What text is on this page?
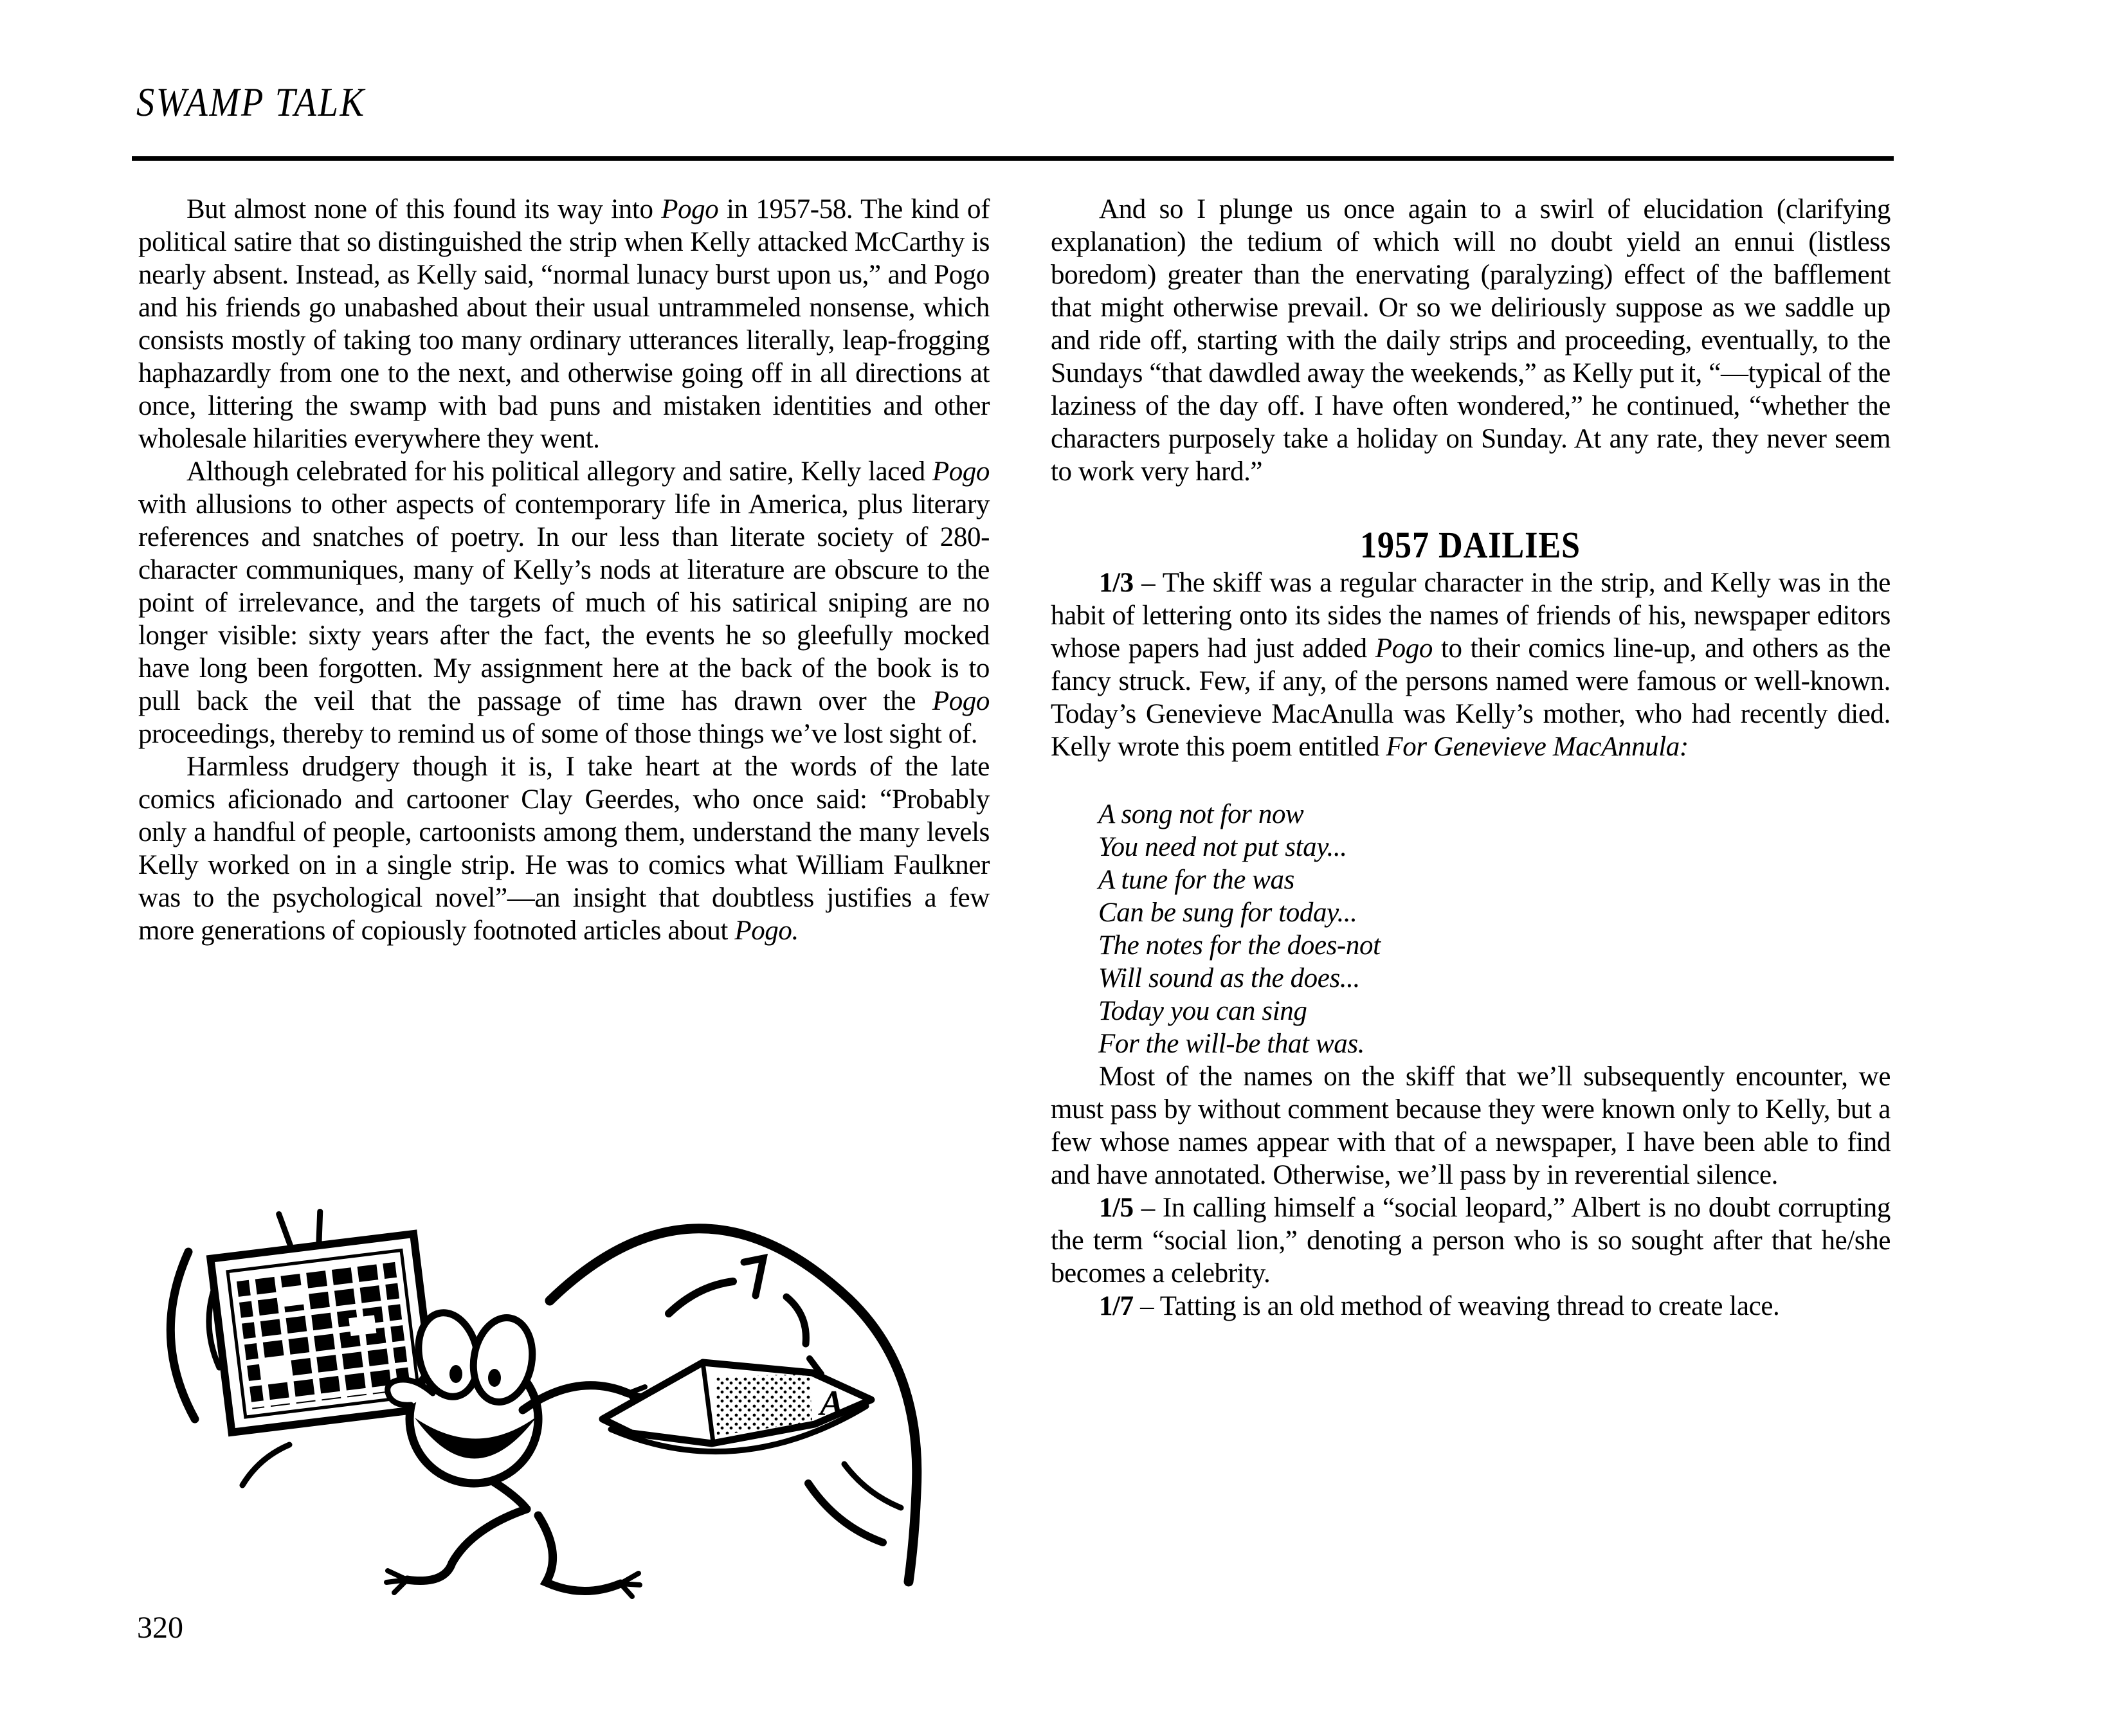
SWAMP TALK

But almost none of this found its way into Pogo in 1957-58. The kind of political satire that so distinguished the strip when Kelly attacked McCarthy is nearly absent. Instead, as Kelly said, “normal lunacy burst upon us,” and Pogo and his friends go unabashed about their usual untrammeled nonsense, which consists mostly of taking too many ordinary utterances literally, leap-frogging haphazardly from one to the next, and otherwise going off in all directions at once, littering the swamp with bad puns and mistaken identities and other wholesale hilarities everywhere they went.

Although celebrated for his political allegory and satire, Kelly laced Pogo with allusions to other aspects of contemporary life in America, plus literary references and snatches of poetry. In our less than literate society of 280-character communiques, many of Kelly’s nods at literature are obscure to the point of irrelevance, and the targets of much of his satirical sniping are no longer visible: sixty years after the fact, the events he so gleefully mocked have long been forgotten. My assignment here at the back of the book is to pull back the veil that the passage of time has drawn over the Pogo proceedings, thereby to remind us of some of those things we’ve lost sight of.

Harmless drudgery though it is, I take heart at the words of the late comics aficionado and cartooner Clay Geerdes, who once said: “Probably only a handful of people, cartoonists among them, understand the many levels Kelly worked on in a single strip. He was to comics what William Faulkner was to the psychological novel”—an insight that doubtless justifies a few more generations of copiously footnoted articles about Pogo.

And so I plunge us once again to a swirl of elucidation (clarifying explanation) the tedium of which will no doubt yield an ennui (listless boredom) greater than the enervating (paralyzing) effect of the bafflement that might otherwise prevail. Or so we deliriously suppose as we saddle up and ride off, starting with the daily strips and proceeding, eventually, to the Sundays “that dawdled away the weekends,” as Kelly put it, “—typical of the laziness of the day off. I have often wondered,” he continued, “whether the characters purposely take a holiday on Sunday. At any rate, they never seem to work very hard.”

1957 DAILIES

1/3 – The skiff was a regular character in the strip, and Kelly was in the habit of lettering onto its sides the names of friends of his, newspaper editors whose papers had just added Pogo to their comics line-up, and others as the fancy struck. Few, if any, of the persons named were famous or well-known. Today’s Genevieve MacAnulla was Kelly’s mother, who had recently died. Kelly wrote this poem entitled For Genevieve MacAnnula:

A song not for now
You need not put stay...
A tune for the was
Can be sung for today...
The notes for the does-not
Will sound as the does...
Today you can sing
For the will-be that was.

Most of the names on the skiff that we’ll subsequently encounter, we must pass by without comment because they were known only to Kelly, but a few whose names appear with that of a newspaper, I have been able to find and have annotated. Otherwise, we’ll pass by in reverential silence.

1/5 – In calling himself a “social leopard,” Albert is no doubt corrupting the term “social lion,” denoting a person who is so sought after that he/she becomes a celebrity.

1/7 – Tatting is an old method of weaving thread to create lace.

A
320
